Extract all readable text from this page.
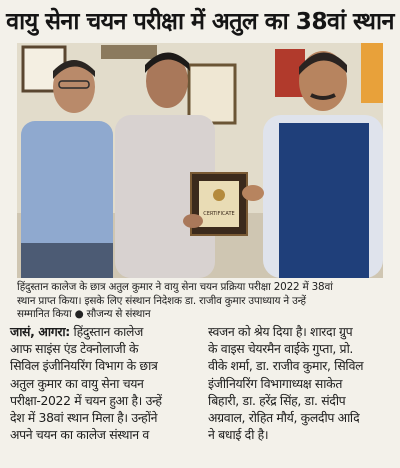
वायु सेना चयन परीक्षा में अतुल का 38वां स्थान
CERTIFICATE
हिंदुस्तान कालेज के छात्र अतुल कुमार ने वायु सेना चयन प्रक्रिया परीक्षा 2022 में 38वां
स्थान प्राप्त किया। इसके लिए संस्थान निदेशक डा. राजीव कुमार उपाध्याय ने उन्हें
सम्मानित किया ● सौजन्य से संस्थान
जासं, आगरा: हिंदुस्तान कालेज
आफ साइंस एंड टेक्नोलाजी के
सिविल इंजीनियरिंग विभाग के छात्र
अतुल कुमार का वायु सेना चयन
परीक्षा-2022 में चयन हुआ है। उन्हें
देश में 38वां स्थान मिला है। उन्होंने
अपने चयन का कालेज संस्थान व
स्वजन को श्रेय दिया है। शारदा ग्रुप
के वाइस चेयरमैन वाईके गुप्ता, प्रो.
वीके शर्मा, डा. राजीव कुमार, सिविल
इंजीनियरिंग विभागाध्यक्ष साकेत
बिहारी, डा. हरेंद्र सिंह, डा. संदीप
अग्रवाल, रोहित मौर्य, कुलदीप आदि
ने बधाई दी है।
